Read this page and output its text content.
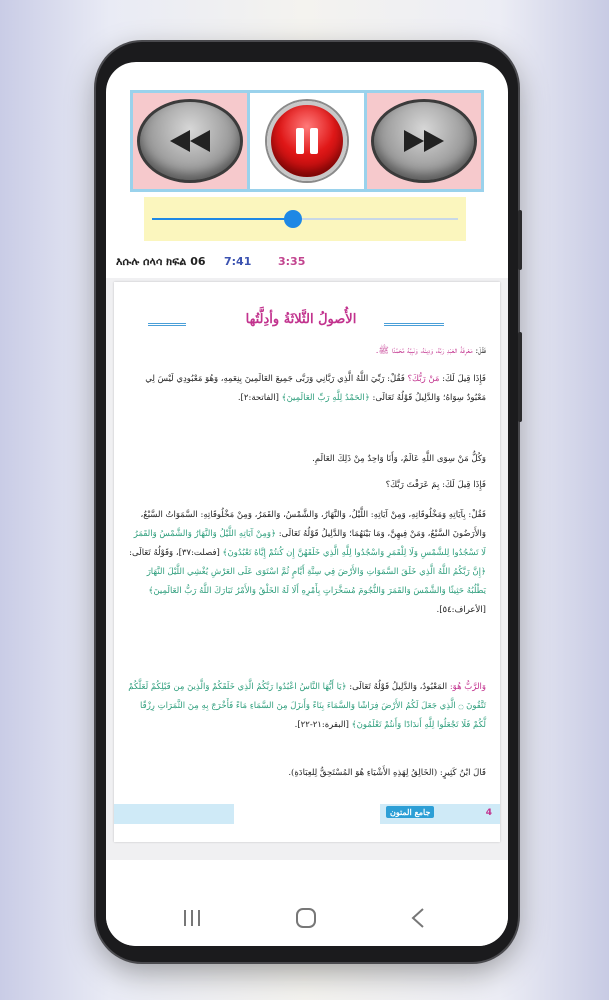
እሱሉ ሰላሳ ክፍል 06 7:41 3:35
الأُصولُ الثَّلاثَةُ وأدِلَّتُها
فَقُلْ: مَعْرِفَةُ العَبْدِ رَبَّهُ، وَدِينَهُ، وَنَبِيَّهُ مُحَمَّدًا ﷺ.
فَإِذَا قِيلَ لَكَ: مَنْ رَبُّكَ؟ فَقُلْ: رَبِّيَ اللَّهُ الَّذِي رَبَّانِي وَرَبَّى جَمِيعَ العَالَمِينَ بِنِعَمِهِ، وَهُوَ مَعْبُودِي لَيْسَ لِي مَعْبُودٌ سِوَاهُ؛ وَالدَّلِيلُ قَوْلُهُ تَعَالَى: ﴿الحَمْدُ لِلَّهِ رَبِّ العَالَمِينَ﴾ [الفاتحة:٢].
وَكُلُّ مَنْ سِوَى اللَّهِ عَالَمٌ، وَأَنَا وَاحِدٌ مِنْ ذَلِكَ العَالَمِ.
فَإِذَا قِيلَ لَكَ: بِمَ عَرَفْتَ رَبَّكَ؟
فَقُلْ: بِآيَاتِهِ وَمَخْلُوقَاتِهِ، وَمِنْ آيَاتِهِ: اللَّيْلُ، وَالنَّهَارُ، وَالشَّمْسُ، وَالقَمَرُ، وَمِنْ مَخْلُوقَاتِهِ: السَّمَوَاتُ السَّبْعُ، وَالأَرَضُونَ السَّبْعُ، وَمَنْ فِيهِنَّ، وَمَا بَيْنَهُمَا؛ وَالدَّلِيلُ قَوْلُهُ تَعَالَى: ﴿وَمِنْ آيَاتِهِ اللَّيْلُ وَالنَّهَارُ وَالشَّمْسُ وَالقَمَرُ لَا تَسْجُدُوا لِلشَّمْسِ وَلَا لِلْقَمَرِ وَاسْجُدُوا لِلَّهِ الَّذِي خَلَقَهُنَّ إِن كُنتُمْ إِيَّاهُ تَعْبُدُونَ﴾ [فصلت:٣٧]، وَقَوْلُهُ تَعَالَى: ﴿إِنَّ رَبَّكُمُ اللَّهُ الَّذِي خَلَقَ السَّمَوَاتِ وَالأَرْضَ فِي سِتَّةِ أَيَّامٍ ثُمَّ اسْتَوَى عَلَى العَرْشِ يُغْشِي اللَّيْلَ النَّهَارَ يَطْلُبُهُ حَثِيثًا وَالشَّمْسَ وَالقَمَرَ وَالنُّجُومَ مُسَخَّرَاتٍ بِأَمْرِهِ أَلَا لَهُ الخَلْقُ وَالأَمْرُ تَبَارَكَ اللَّهُ رَبُّ العَالَمِينَ﴾ [الأعراف:٥٤].
وَالرَّبُّ هُوَ: المَعْبُودُ، وَالدَّلِيلُ قَوْلُهُ تَعَالَى: ﴿يَا أَيُّهَا النَّاسُ اعْبُدُوا رَبَّكُمُ الَّذِي خَلَقَكُمْ وَالَّذِينَ مِن قَبْلِكُمْ لَعَلَّكُمْ تَتَّقُونَ ۝ الَّذِي جَعَلَ لَكُمُ الأَرْضَ فِرَاشًا وَالسَّمَاءَ بِنَاءً وَأَنزَلَ مِنَ السَّمَاءِ مَاءً فَأَخْرَجَ بِهِ مِنَ الثَّمَرَاتِ رِزْقًا لَّكُمْ فَلَا تَجْعَلُوا لِلَّهِ أَندَادًا وَأَنتُمْ تَعْلَمُونَ﴾ [البقرة:٢١-٢٢].
قَالَ ابْنُ كَثِيرٍ: (الخَالِقُ لِهَذِهِ الأَشْيَاءِ هُوَ المُسْتَحِقُّ لِلعِبَادَةِ).
4
جامع المتون
